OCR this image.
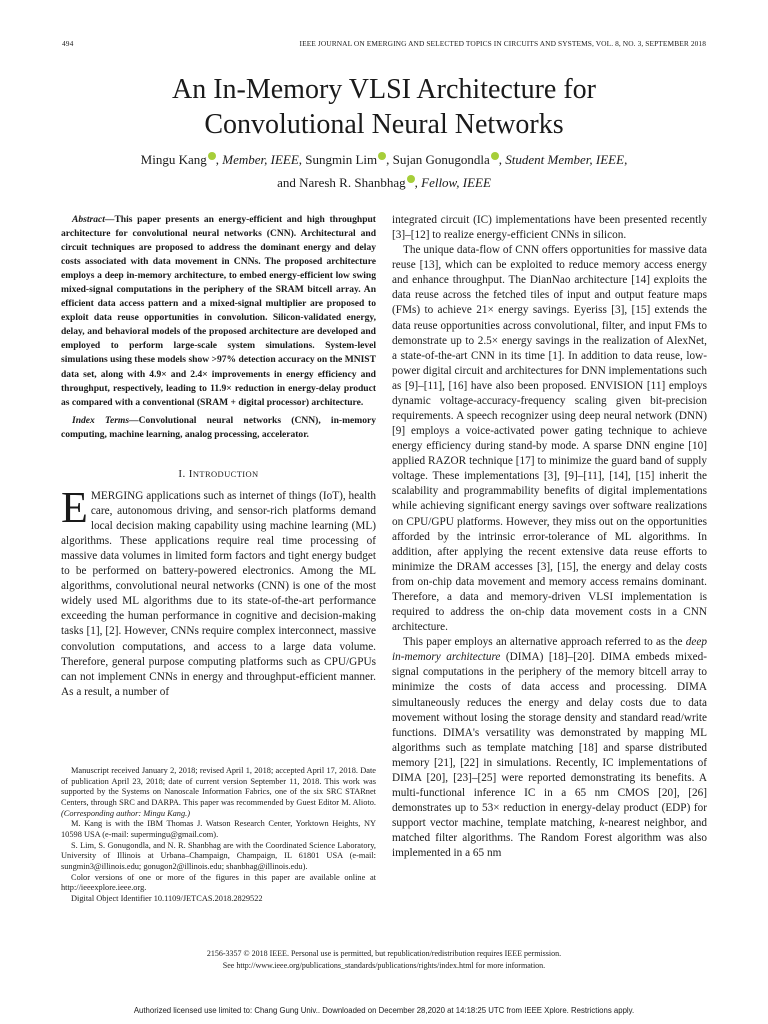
494	IEEE JOURNAL ON EMERGING AND SELECTED TOPICS IN CIRCUITS AND SYSTEMS, VOL. 8, NO. 3, SEPTEMBER 2018
An In-Memory VLSI Architecture for
Convolutional Neural Networks
Mingu Kang , Member, IEEE, Sungmin Lim , Sujan Gonugondla , Student Member, IEEE,
and Naresh R. Shanbhag , Fellow, IEEE

Abstract—This paper presents an energy-efficient and high throughput architecture for convolutional neural networks (CNN). Architectural and circuit techniques are proposed to address the dominant energy and delay costs associated with data movement in CNNs. The proposed architecture employs a deep in-memory architecture, to embed energy-efficient low swing mixed-signal computations in the periphery of the SRAM bitcell array. An efficient data access pattern and a mixed-signal multiplier are proposed to exploit data reuse opportunities in convolution. Silicon-validated energy, delay, and behavioral models of the proposed architecture are developed and employed to perform large-scale system simulations. System-level simulations using these models show >97% detection accuracy on the MNIST data set, along with 4.9× and 2.4× improvements in energy efficiency and throughput, respectively, leading to 11.9× reduction in energy-delay product as compared with a conventional (SRAM + digital processor) architecture.

Index Terms—Convolutional neural networks (CNN), in-memory computing, machine learning, analog processing, accelerator.

I. INTRODUCTION

EMERGING applications such as internet of things (IoT), health care, autonomous driving, and sensor-rich platforms demand local decision making capability using machine learning (ML) algorithms. These applications require real time processing of massive data volumes in limited form factors and tight energy budget to be performed on battery-powered electronics. Among the ML algorithms, convolutional neural networks (CNN) is one of the most widely used ML algorithms due to its state-of-the-art performance exceeding the human performance in cognitive and decision-making tasks [1], [2]. However, CNNs require complex interconnect, massive convolution computations, and access to a large data volume. Therefore, general purpose computing platforms such as CPU/GPUs can not implement CNNs in energy and throughput-efficient manner. As a result, a number of

Manuscript received January 2, 2018; revised April 1, 2018; accepted April 17, 2018. Date of publication April 23, 2018; date of current version September 11, 2018. This work was supported by the Systems on Nanoscale Information Fabrics, one of the six SRC STARnet Centers, through SRC and DARPA. This paper was recommended by Guest Editor M. Alioto. (Corresponding author: Mingu Kang.)

M. Kang is with the IBM Thomas J. Watson Research Center, Yorktown Heights, NY 10598 USA (e-mail: supermingu@gmail.com).

S. Lim, S. Gonugondla, and N. R. Shanbhag are with the Coordinated Science Laboratory, University of Illinois at Urbana–Champaign, Champaign, IL 61801 USA (e-mail: sungmin3@illinois.edu; gonugon2@illinois.edu; shanbhag@illinois.edu).

Color versions of one or more of the figures in this paper are available online at http://ieeexplore.ieee.org.

Digital Object Identifier 10.1109/JETCAS.2018.2829522

integrated circuit (IC) implementations have been presented recently [3]–[12] to realize energy-efficient CNNs in silicon.

The unique data-flow of CNN offers opportunities for massive data reuse [13], which can be exploited to reduce memory access energy and enhance throughput. The DianNao architecture [14] exploits the data reuse across the fetched tiles of input and output feature maps (FMs) to achieve 21× energy savings. Eyeriss [3], [15] extends the data reuse opportunities across convolutional, filter, and input FMs to demonstrate up to 2.5× energy savings in the realization of AlexNet, a state-of-the-art CNN in its time [1]. In addition to data reuse, low-power digital circuit and architectures for DNN implementations such as [9]–[11], [16] have also been proposed. ENVISION [11] employs dynamic voltage-accuracy-frequency scaling given bit-precision requirements. A speech recognizer using deep neural network (DNN) [9] employs a voice-activated power gating technique to achieve energy efficiency during stand-by mode. A sparse DNN engine [10] applied RAZOR technique [17] to minimize the guard band of supply voltage. These implementations [3], [9]–[11], [14], [15] inherit the scalability and programmability benefits of digital implementations while achieving significant energy savings over software realizations on CPU/GPU platforms. However, they miss out on the opportunities afforded by the intrinsic error-tolerance of ML algorithms. In addition, after applying the recent extensive data reuse efforts to minimize the DRAM accesses [3], [15], the energy and delay costs from on-chip data movement and memory access remains dominant. Therefore, a data and memory-driven VLSI implementation is required to address the on-chip data movement costs in a CNN architecture.

This paper employs an alternative approach referred to as the deep in-memory architecture (DIMA) [18]–[20]. DIMA embeds mixed-signal computations in the periphery of the memory bitcell array to minimize the costs of data access and processing. DIMA simultaneously reduces the energy and delay costs due to data movement without losing the storage density and standard read/write functions. DIMA's versatility was demonstrated by mapping ML algorithms such as template matching [18] and sparse distributed memory [21], [22] in simulations. Recently, IC implementations of DIMA [20], [23]–[25] were reported demonstrating its benefits. A multi-functional inference IC in a 65 nm CMOS [20], [26] demonstrates up to 53× reduction in energy-delay product (EDP) for support vector machine, template matching, k-nearest neighbor, and matched filter algorithms. The Random Forest algorithm was also implemented in a 65 nm

2156-3357 © 2018 IEEE. Personal use is permitted, but republication/redistribution requires IEEE permission.
See http://www.ieee.org/publications_standards/publications/rights/index.html for more information.
Authorized licensed use limited to: Chang Gung Univ.. Downloaded on December 28,2020 at 14:18:25 UTC from IEEE Xplore. Restrictions apply.
